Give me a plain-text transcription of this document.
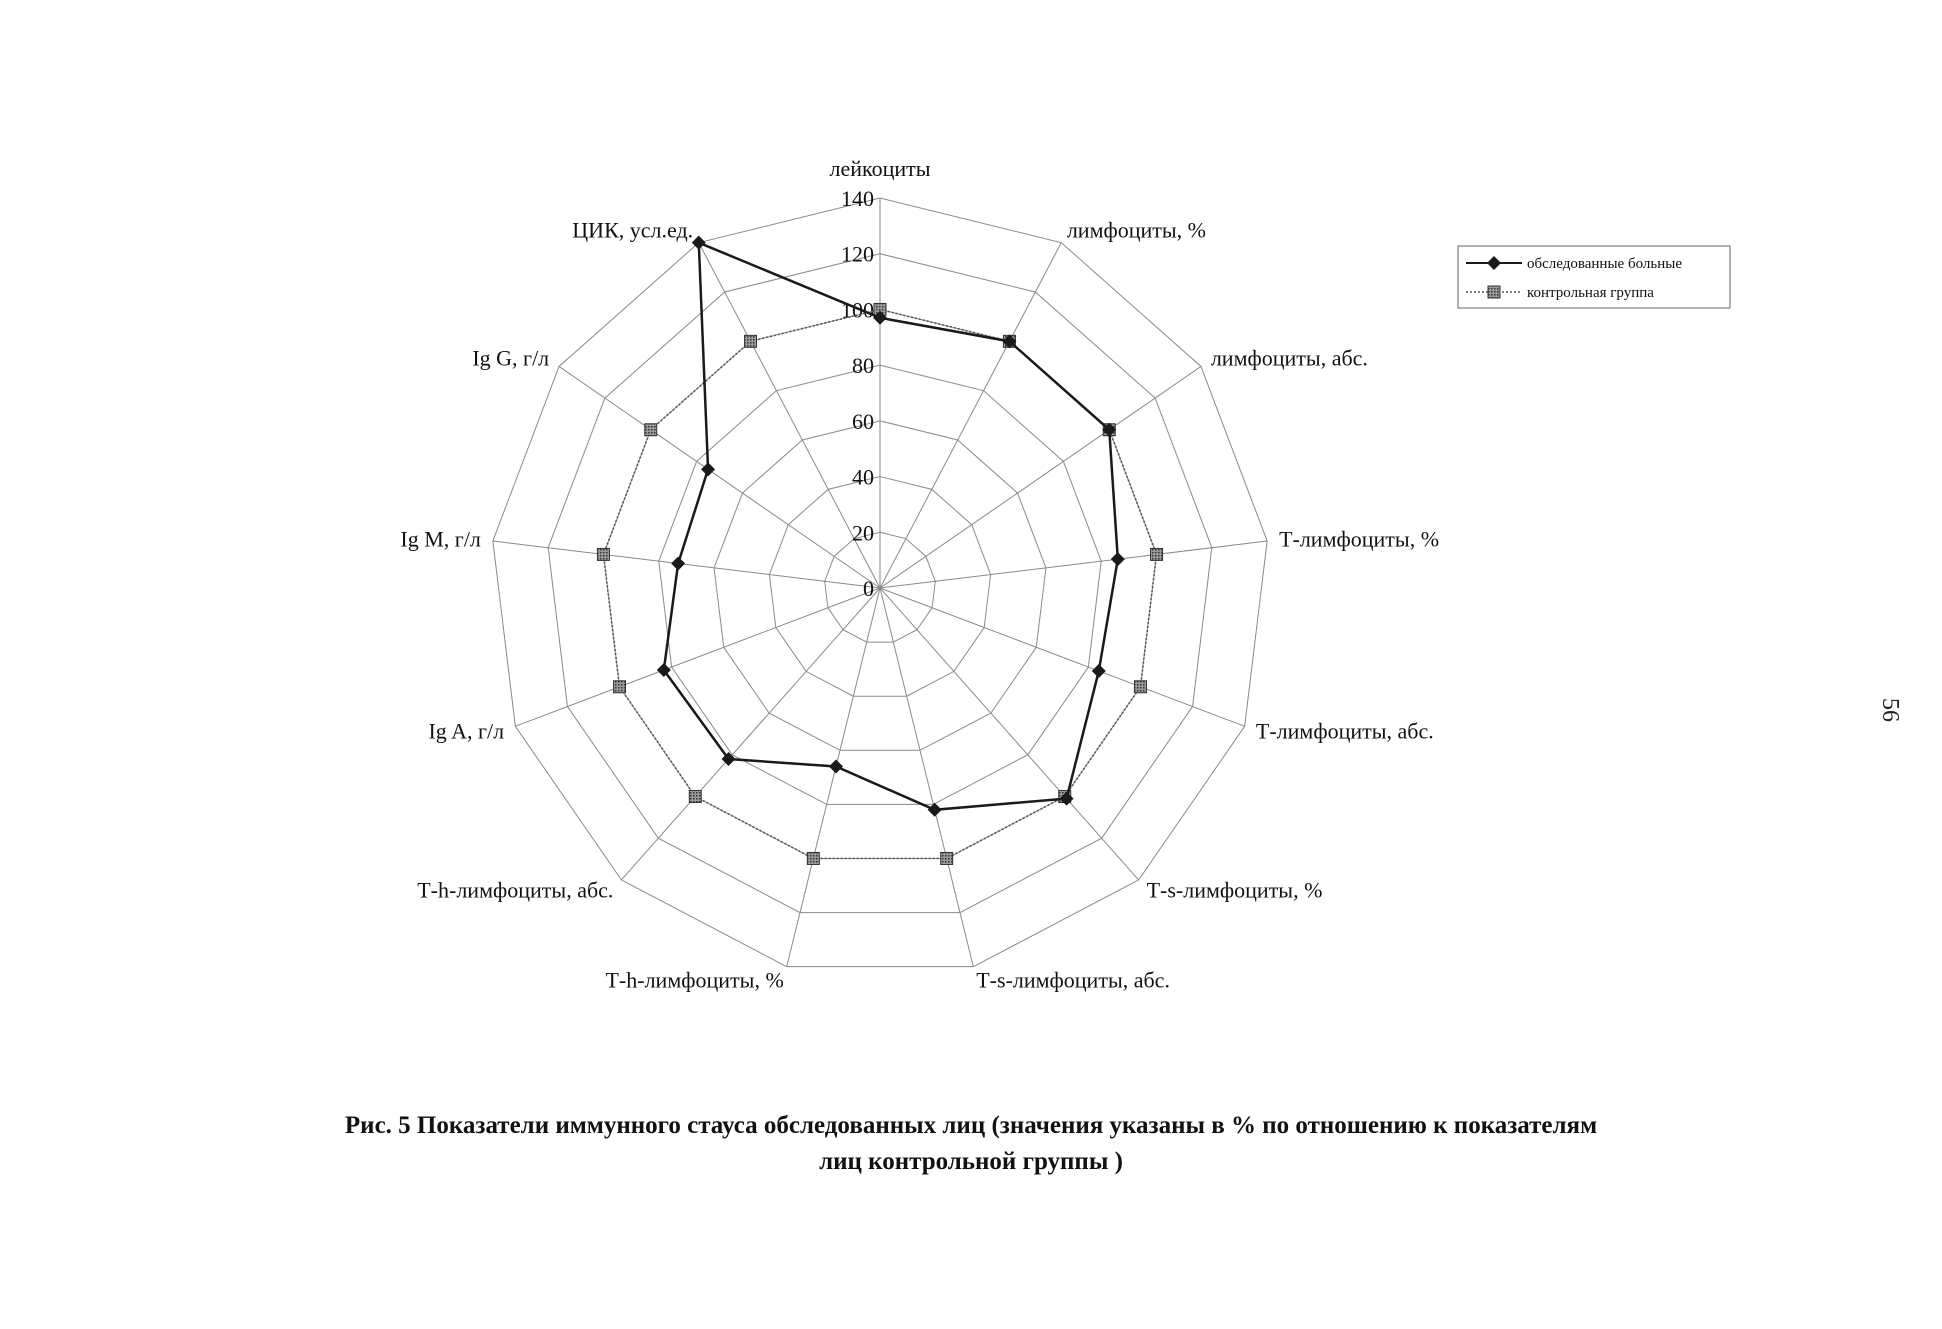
0
20
40
60
80
100
120
140
лейкоциты
лимфоциты, %
лимфоциты, абс.
Т-лимфоциты, %
Т-лимфоциты, абс.
Т-s-лимфоциты, %
Т-s-лимфоциты, абс.
Т-h-лимфоциты, %
Т-h-лимфоциты, абс.
Ig A, г/л
Ig M, г/л
Ig G, г/л
ЦИК, усл.ед.
обследованные больные
контрольная группа
Рис. 5 Показатели иммунного стауса обследованных лиц (значения указаны в % по отношению к показателям
лиц контрольной группы )
56
